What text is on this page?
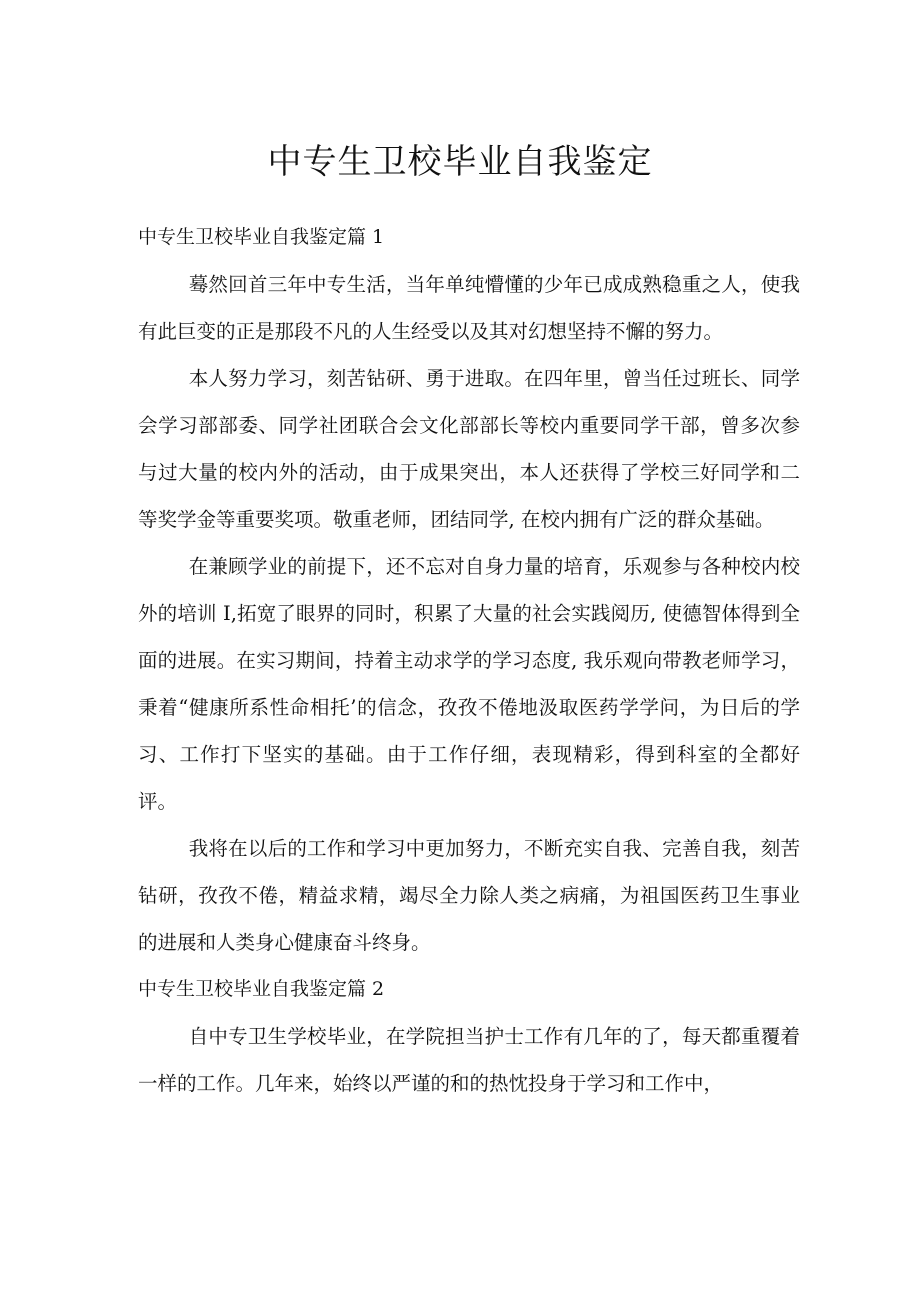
中专生卫校毕业自我鉴定
中专生卫校毕业自我鉴定篇 1

蓦然回首三年中专生活，当年单纯懵懂的少年已成成熟稳重之人，使我有此巨变的正是那段不凡的人生经受以及其对幻想坚持不懈的努力。

本人努力学习，刻苦钻研、勇于进取。在四年里，曾当任过班长、同学会学习部部委、同学社团联合会文化部部长等校内重要同学干部，曾多次参与过大量的校内外的活动，由于成果突出，本人还获得了学校三好同学和二等奖学金等重要奖项。敬重老师，团结同学, 在校内拥有广泛的群众基础。

在兼顾学业的前提下，还不忘对自身力量的培育，乐观参与各种校内校外的培训 I,拓宽了眼界的同时，积累了大量的社会实践阅历, 使德智体得到全面的进展。在实习期间，持着主动求学的学习态度, 我乐观向带教老师学习，秉着“健康所系性命相托’的信念，孜孜不倦地汲取医药学学问，为日后的学习、工作打下坚实的基础。由于工作仔细，表现精彩，得到科室的全都好评。

我将在以后的工作和学习中更加努力，不断充实自我、完善自我，刻苦钻研，孜孜不倦，精益求精，竭尽全力除人类之病痛，为祖国医药卫生事业的进展和人类身心健康奋斗终身。

中专生卫校毕业自我鉴定篇 2

自中专卫生学校毕业，在学院担当护士工作有几年的了，每天都重覆着一样的工作。几年来，始终以严谨的和的热忱投身于学习和工作中，
